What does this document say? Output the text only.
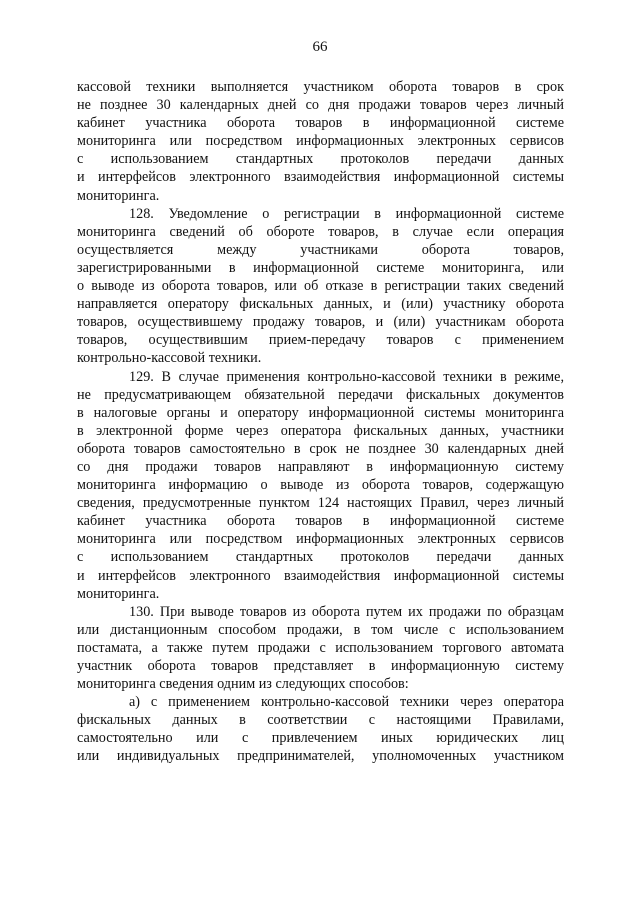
66
кассовой техники выполняется участником оборота товаров в срок
не позднее 30 календарных дней со дня продажи товаров через личный
кабинет участника оборота товаров в информационной системе
мониторинга или посредством информационных электронных сервисов
с использованием стандартных протоколов передачи данных
и интерфейсов электронного взаимодействия информационной системы
мониторинга.
128. Уведомление о регистрации в информационной системе
мониторинга сведений об обороте товаров, в случае если операция
осуществляется между участниками оборота товаров,
зарегистрированными в информационной системе мониторинга, или
о выводе из оборота товаров, или об отказе в регистрации таких сведений
направляется оператору фискальных данных, и (или) участнику оборота
товаров, осуществившему продажу товаров, и (или) участникам оборота
товаров, осуществившим прием-передачу товаров с применением
контрольно-кассовой техники.
129. В случае применения контрольно-кассовой техники в режиме,
не предусматривающем обязательной передачи фискальных документов
в налоговые органы и оператору информационной системы мониторинга
в электронной форме через оператора фискальных данных, участники
оборота товаров самостоятельно в срок не позднее 30 календарных дней
со дня продажи товаров направляют в информационную систему
мониторинга информацию о выводе из оборота товаров, содержащую
сведения, предусмотренные пунктом 124 настоящих Правил, через личный
кабинет участника оборота товаров в информационной системе
мониторинга или посредством информационных электронных сервисов
с использованием стандартных протоколов передачи данных
и интерфейсов электронного взаимодействия информационной системы
мониторинга.
130. При выводе товаров из оборота путем их продажи по образцам
или дистанционным способом продажи, в том числе с использованием
постамата, а также путем продажи с использованием торгового автомата
участник оборота товаров представляет в информационную систему
мониторинга сведения одним из следующих способов:
а) с применением контрольно-кассовой техники через оператора
фискальных данных в соответствии с настоящими Правилами,
самостоятельно или с привлечением иных юридических лиц
или индивидуальных предпринимателей, уполномоченных участником
